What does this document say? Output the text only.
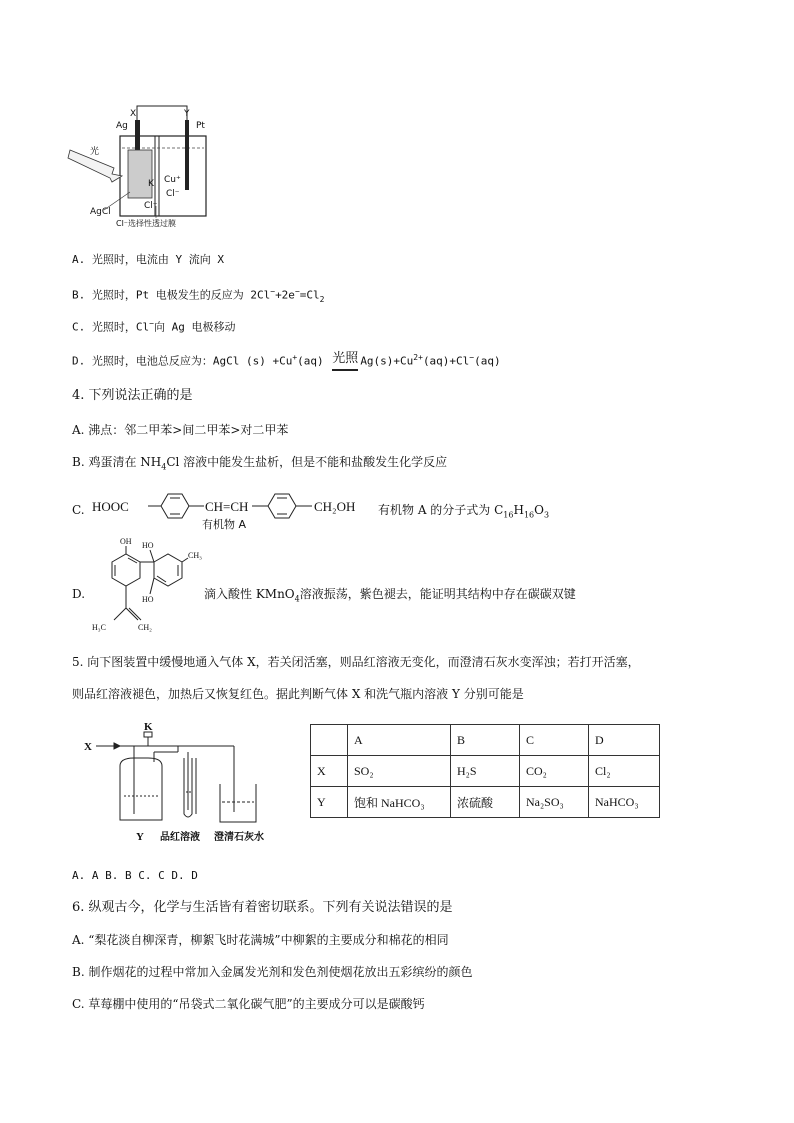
X	Y
Ag	Pt
光
K Cu⁺
Cl⁻
Cl⁻
AgCl
Cl⁻选择性透过膜
A. 光照时，电流由 Y 流向 X
B. 光照时，Pt 电极发生的反应为 $2Cl^-+2e^-=Cl_2$
C. 光照时，Cl−向 Ag 电极移动
D. 光照时，电池总反应为：AgCl (s) +Cu+(aq) 光照 $Ag(s)+Cu^{2+}(aq)+Cl^-(aq)$
4. 下列说法正确的是
A. 沸点：邻二甲苯>间二甲苯>对二甲苯
B. 鸡蛋清在 $NH_4Cl$ 溶液中能发生盐析，但是不能和盐酸发生化学反应
C. HOOC	CH=CH	CH₂OH
有机物 A
有机物 A 的分子式为 $C_{16}H_{16}O_3$
D.
OH HO
HO
CH₃
H₃C	CH₂
滴入酸性 KMnO$_4$溶液振荡，紫色褪去，能证明其结构中存在碳碳双键
5. 向下图装置中缓慢地通入气体 X，若关闭活塞，则品红溶液无变化，而澄清石灰水变浑浊；若打开活塞，
则品红溶液褪色，加热后又恢复红色。据此判断气体 X 和洗气瓶内溶液 Y 分别可能是
X
K
Y 品红溶液 澄清石灰水
	A	B	C	D
X	SO₂	H₂S	CO₂	Cl₂
Y	饱和 NaHCO₃	浓硫酸	Na₂SO₃	NaHCO₃
A. A B. B C. C D. D
6. 纵观古今，化学与生活皆有着密切联系。下列有关说法错误的是
A. “梨花淡自柳深青，柳絮飞时花满城”中柳絮的主要成分和棉花的相同
B. 制作烟花的过程中常加入金属发光剂和发色剂使烟花放出五彩缤纷的颜色
C. 草莓棚中使用的“吊袋式二氧化碳气肥”的主要成分可以是碳酸钙
